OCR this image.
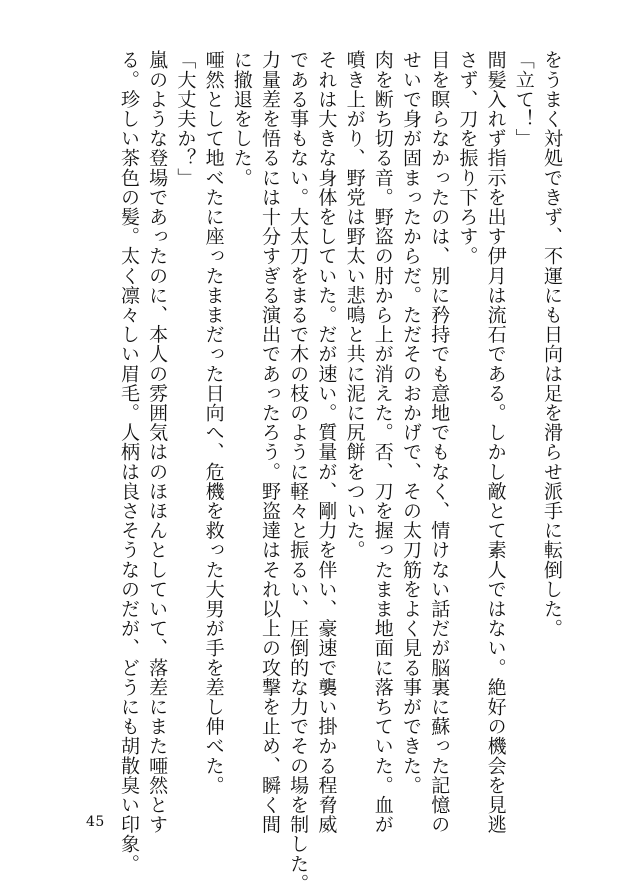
をうまく対処できず、不運にも日向は足を滑らせ派手に転倒した。

「立て！」

間髪入れず指示を出す伊月は流石である。しかし敵とて素人ではない。絶好の機会を見逃

さず、刀を振り下ろす。

目を瞑らなかったのは、別に矜持でも意地でもなく、情けない話だが脳裏に蘇った記憶の

せいで身が固まったからだ。ただそのおかげで、その太刀筋をよく見る事ができた。

肉を断ち切る音。野盗の肘から上が消えた。否、刀を握ったまま地面に落ちていた。血が

噴き上がり、野党は野太い悲鳴と共に泥に尻餅をついた。

それは大きな身体をしていた。だが速い。質量が、剛力を伴い、豪速で襲い掛かる程脅威

である事もない。大太刀をまるで木の枝のように軽々と振るい、圧倒的な力でその場を制した。

力量差を悟るには十分すぎる演出であったろう。野盗達はそれ以上の攻撃を止め、瞬く間

に撤退をした。

唖然として地べたに座ったままだった日向へ、危機を救った大男が手を差し伸べた。

「大丈夫か？」

嵐のような登場であったのに、本人の雰囲気はのほほんとしていて、落差にまた唖然とす

る。珍しい茶色の髪。太く凛々しい眉毛。人柄は良さそうなのだが、どうにも胡散臭い印象。

45
